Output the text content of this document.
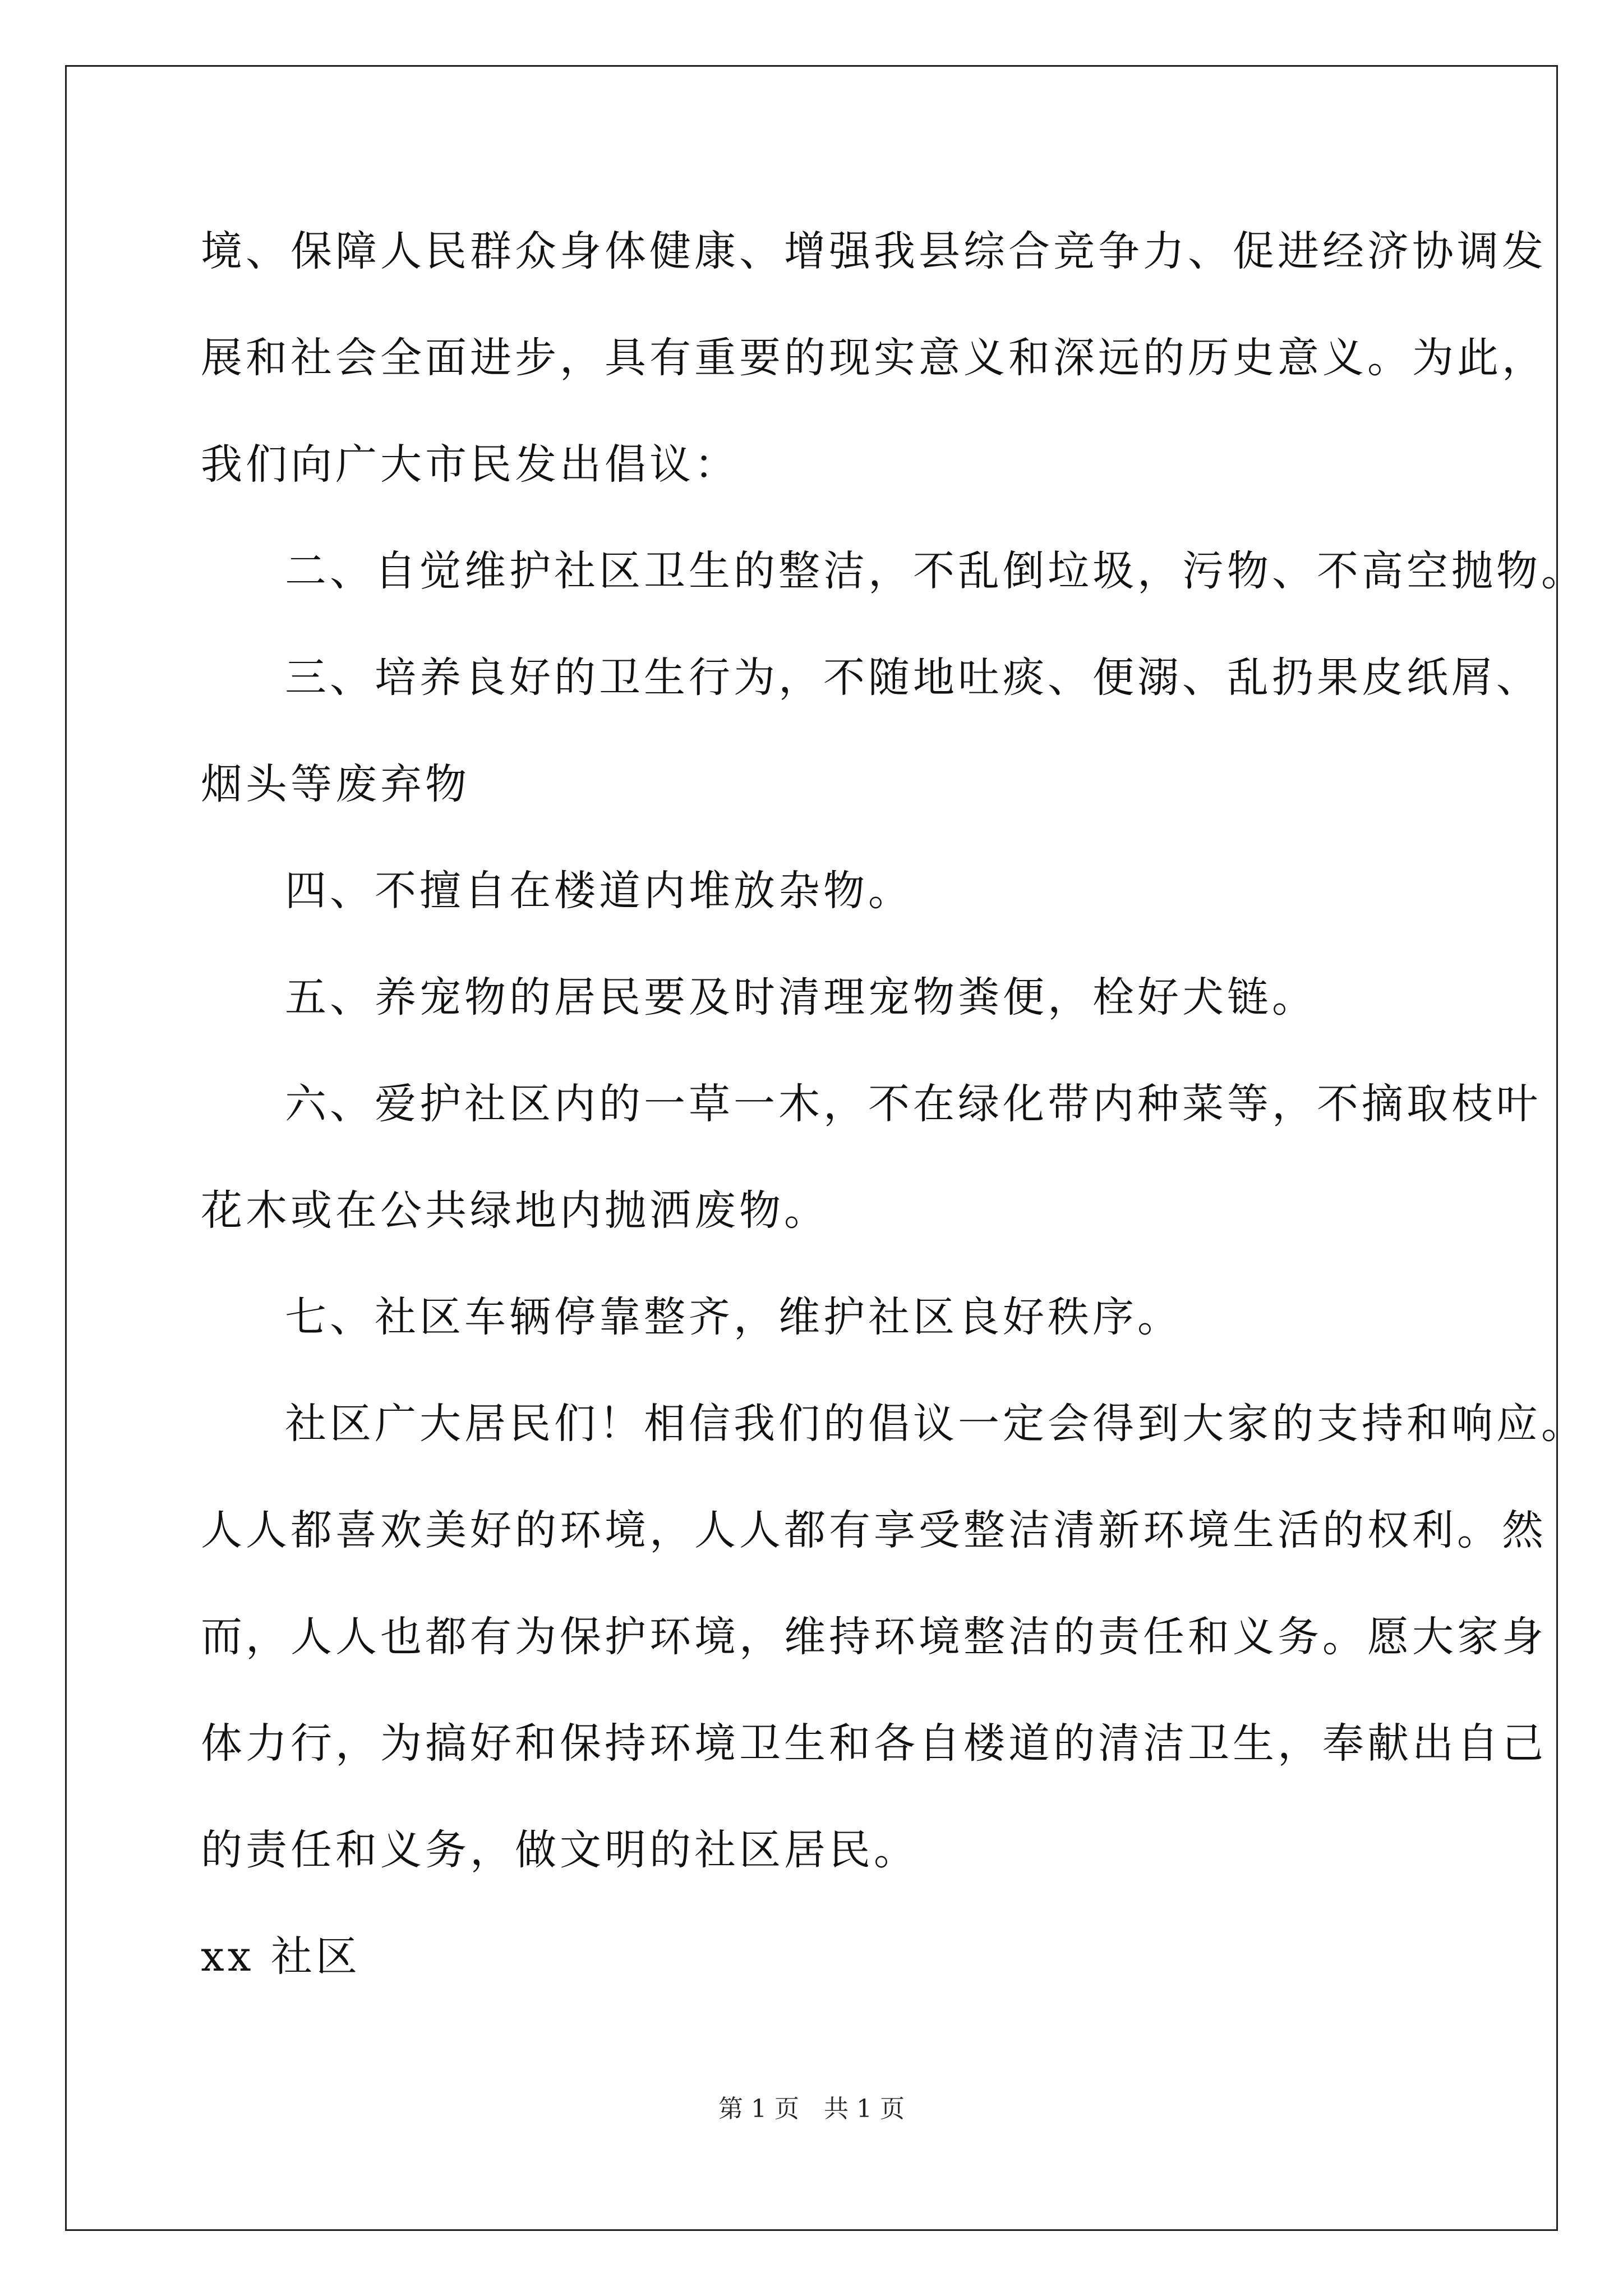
境、保障人民群众身体健康、增强我县综合竞争力、促进经济协调发
展和社会全面进步，具有重要的现实意义和深远的历史意义。为此，
我们向广大市民发出倡议：
二、自觉维护社区卫生的整洁，不乱倒垃圾，污物、不高空抛物。
三、培养良好的卫生行为，不随地吐痰、便溺、乱扔果皮纸屑、
烟头等废弃物
四、不擅自在楼道内堆放杂物。
五、养宠物的居民要及时清理宠物粪便，栓好犬链。
六、爱护社区内的一草一木，不在绿化带内种菜等，不摘取枝叶
花木或在公共绿地内抛洒废物。
七、社区车辆停靠整齐，维护社区良好秩序。
社区广大居民们！相信我们的倡议一定会得到大家的支持和响应。
人人都喜欢美好的环境，人人都有享受整洁清新环境生活的权利。然
而，人人也都有为保护环境，维持环境整洁的责任和义务。愿大家身
体力行，为搞好和保持环境卫生和各自楼道的清洁卫生，奉献出自己
的责任和义务，做文明的社区居民。
xx 社区
第 1 页　共 1 页
